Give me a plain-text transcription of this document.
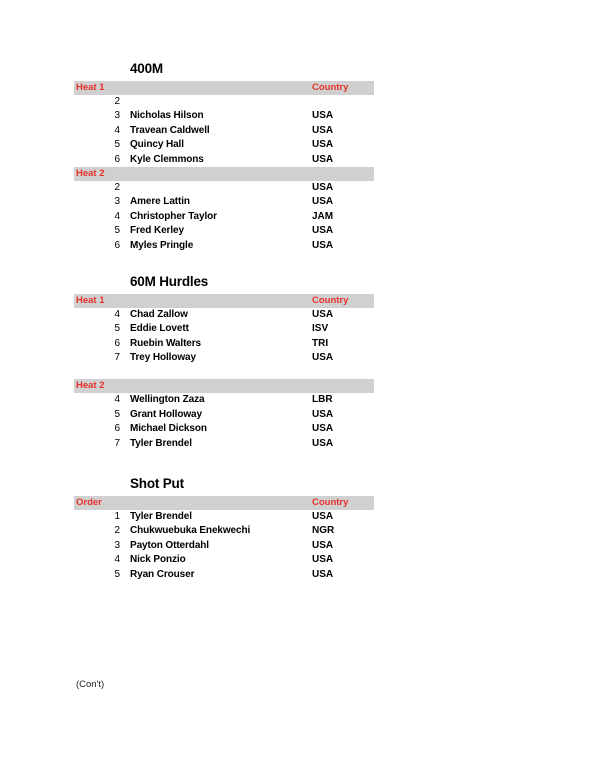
400M
Heat 1	Country
2
3 Nicholas Hilson	USA
4 Travean Caldwell	USA
5 Quincy Hall	USA
6 Kyle Clemmons	USA
Heat 2
2	USA
3 Amere Lattin	USA
4 Christopher Taylor	JAM
5 Fred Kerley	USA
6 Myles Pringle	USA
60M Hurdles
Heat 1	Country
4 Chad Zallow	USA
5 Eddie Lovett	ISV
6 Ruebin Walters	TRI
7 Trey Holloway	USA
Heat 2
4 Wellington Zaza	LBR
5 Grant Holloway	USA
6 Michael Dickson	USA
7 Tyler Brendel	USA
Shot Put
Order	Country
1 Tyler Brendel	USA
2 Chukwuebuka Enekwechi	NGR
3 Payton Otterdahl	USA
4 Nick Ponzio	USA
5 Ryan Crouser	USA
(Con't)
